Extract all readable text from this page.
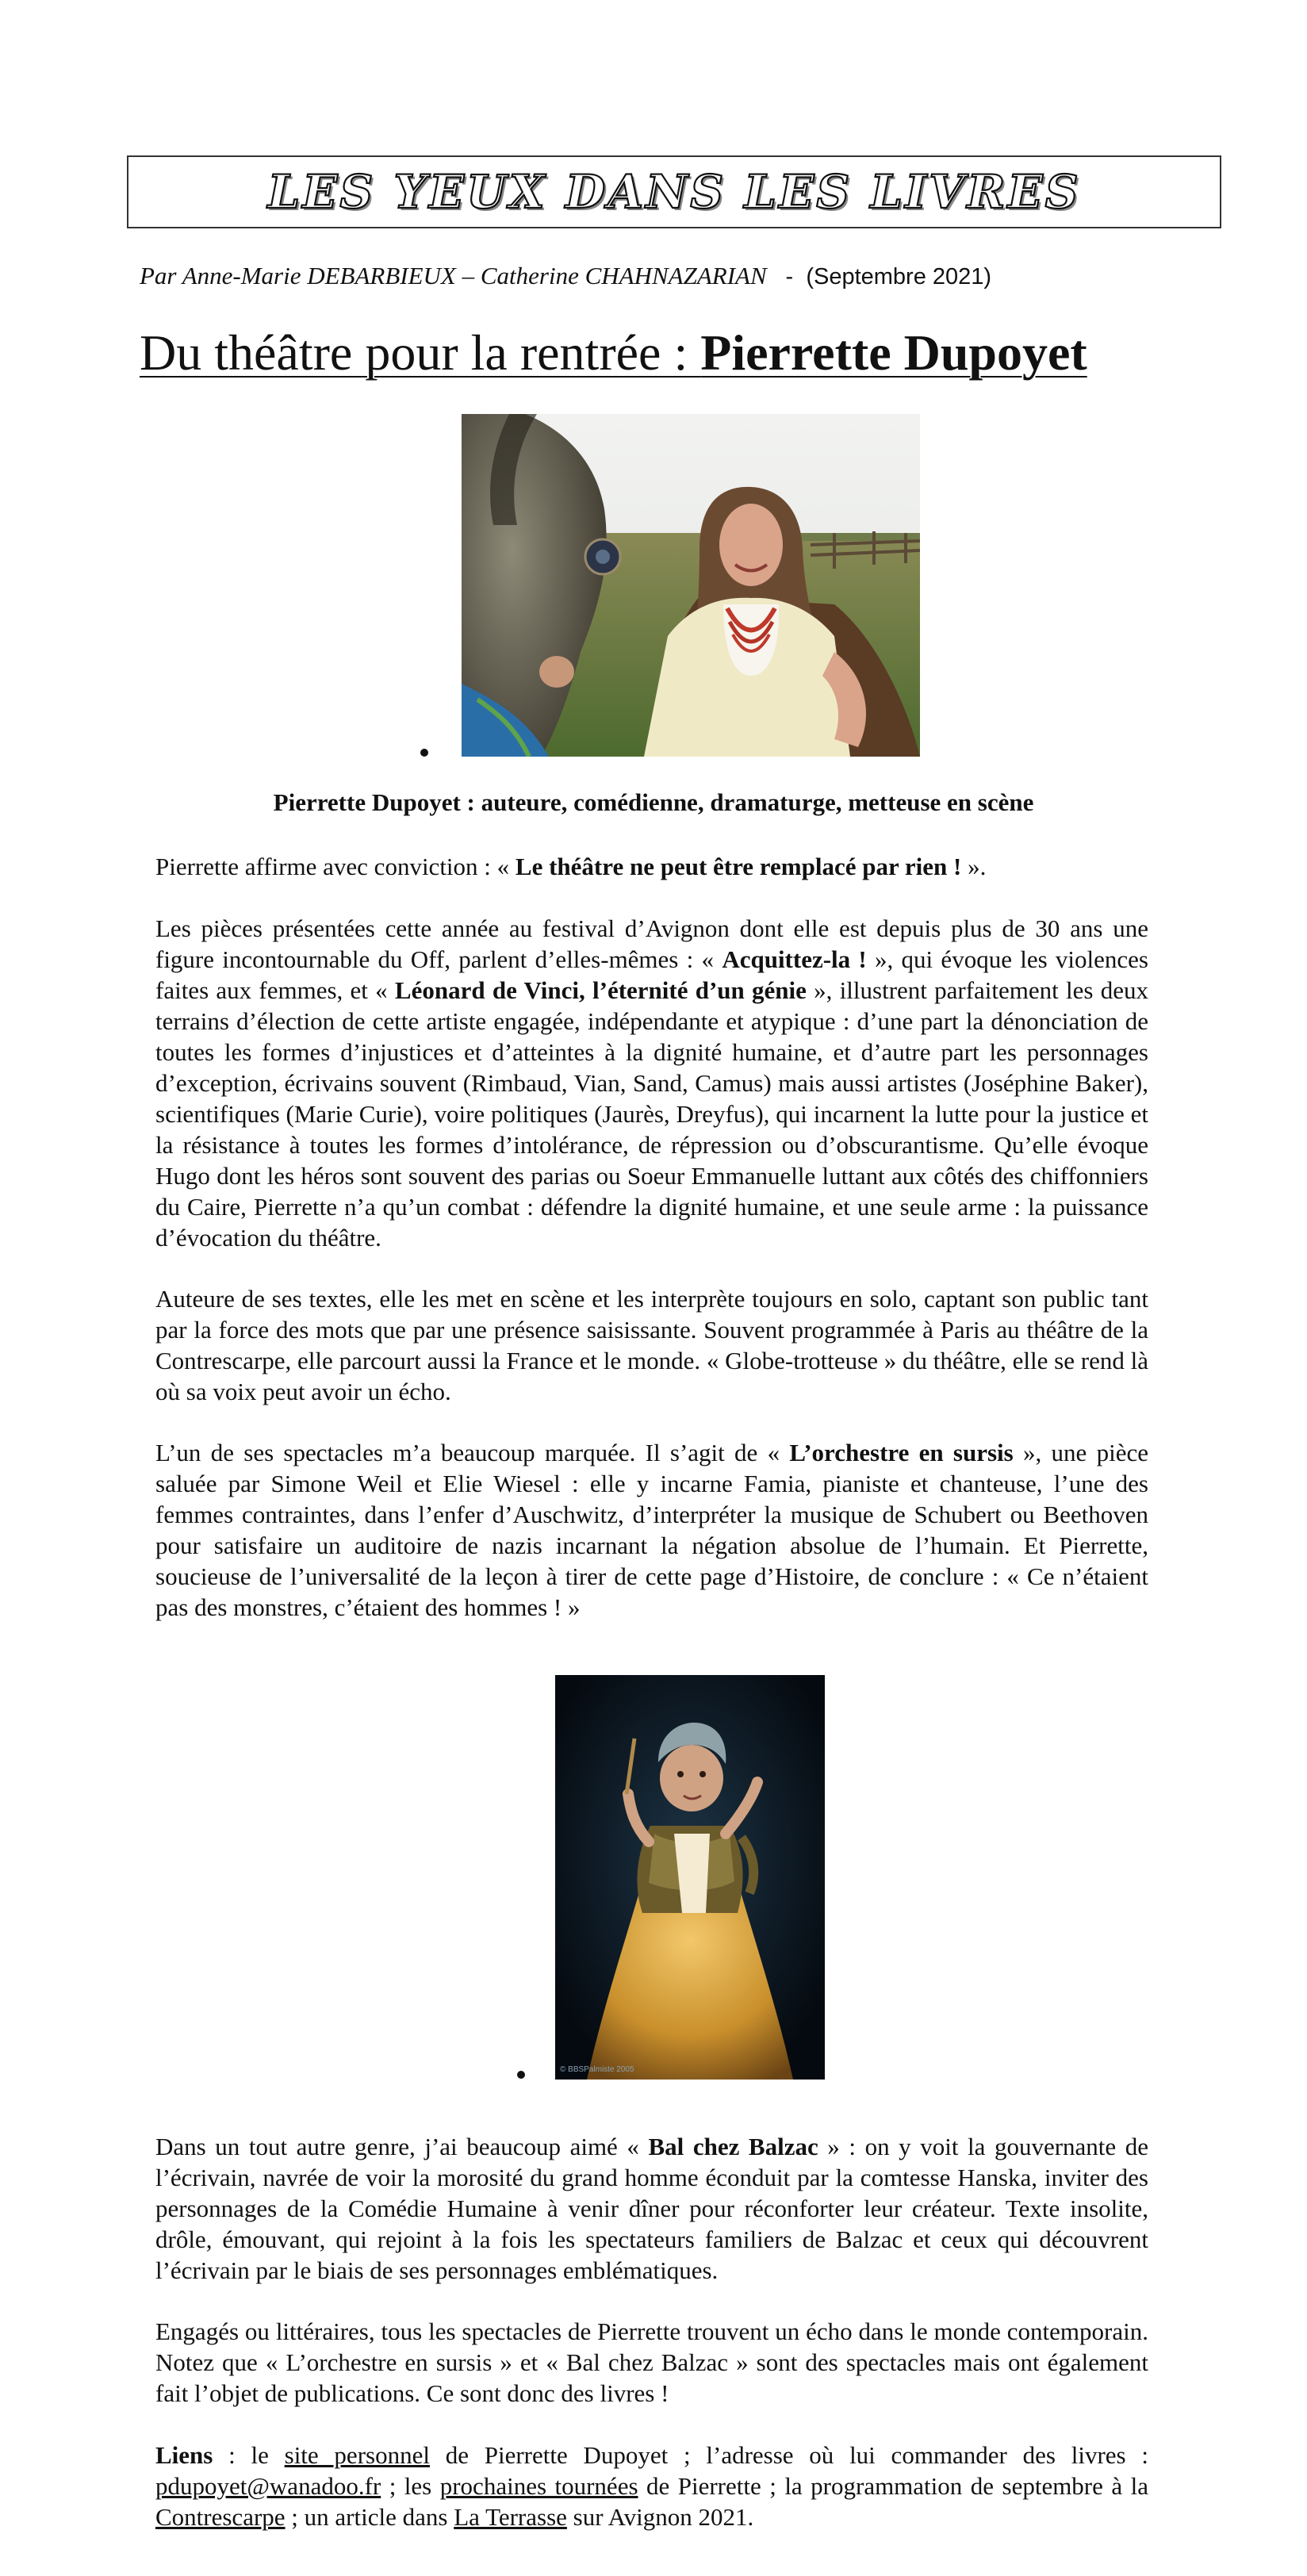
LES YEUX DANS LES LIVRES
Par Anne-Marie DEBARBIEUX – Catherine CHAHNAZARIAN - (Septembre 2021)
Du théâtre pour la rentrée : Pierrette Dupoyet
Pierrette Dupoyet : auteure, comédienne, dramaturge, metteuse en scène

Pierrette affirme avec conviction : « Le théâtre ne peut être remplacé par rien ! ».

Les pièces présentées cette année au festival d’Avignon dont elle est depuis plus de 30 ans une figure incontournable du Off, parlent d’elles-mêmes : « Acquittez-la ! », qui évoque les violences faites aux femmes, et « Léonard de Vinci, l’éternité d’un génie », illustrent parfaitement les deux terrains d’élection de cette artiste engagée, indépendante et atypique : d’une part la dénonciation de toutes les formes d’injustices et d’atteintes à la dignité humaine, et d’autre part les personnages d’exception, écrivains souvent (Rimbaud, Vian, Sand, Camus) mais aussi artistes (Joséphine Baker), scientifiques (Marie Curie), voire politiques (Jaurès, Dreyfus), qui incarnent la lutte pour la justice et la résistance à toutes les formes d’intolérance, de répression ou d’obscurantisme. Qu’elle évoque Hugo dont les héros sont souvent des parias ou Soeur Emmanuelle luttant aux côtés des chiffonniers du Caire, Pierrette n’a qu’un combat : défendre la dignité humaine, et une seule arme : la puissance d’évocation du théâtre.

Auteure de ses textes, elle les met en scène et les interprète toujours en solo, captant son public tant par la force des mots que par une présence saisissante. Souvent programmée à Paris au théâtre de la Contrescarpe, elle parcourt aussi la France et le monde. « Globe-trotteuse » du théâtre, elle se rend là où sa voix peut avoir un écho.

L’un de ses spectacles m’a beaucoup marquée. Il s’agit de « L’orchestre en sursis », une pièce saluée par Simone Weil et Elie Wiesel : elle y incarne Famia, pianiste et chanteuse, l’une des femmes contraintes, dans l’enfer d’Auschwitz, d’interpréter la musique de Schubert ou Beethoven pour satisfaire un auditoire de nazis incarnant la négation absolue de l’humain. Et Pierrette, soucieuse de l’universalité de la leçon à tirer de cette page d’Histoire, de conclure : « Ce n’étaient pas des monstres, c’étaient des hommes ! »

© BBSPalmiste 2005

Dans un tout autre genre, j’ai beaucoup aimé « Bal chez Balzac » : on y voit la gouvernante de l’écrivain, navrée de voir la morosité du grand homme éconduit par la comtesse Hanska, inviter des personnages de la Comédie Humaine à venir dîner pour réconforter leur créateur. Texte insolite, drôle, émouvant, qui rejoint à la fois les spectateurs familiers de Balzac et ceux qui découvrent l’écrivain par le biais de ses personnages emblématiques.

Engagés ou littéraires, tous les spectacles de Pierrette trouvent un écho dans le monde contemporain. Notez que « L’orchestre en sursis » et « Bal chez Balzac » sont des spectacles mais ont également fait l’objet de publications. Ce sont donc des livres !

Liens : le site personnel de Pierrette Dupoyet ; l’adresse où lui commander des livres : pdupoyet@wanadoo.fr ; les prochaines tournées de Pierrette ; la programmation de septembre à la Contrescarpe ; un article dans La Terrasse sur Avignon 2021.
